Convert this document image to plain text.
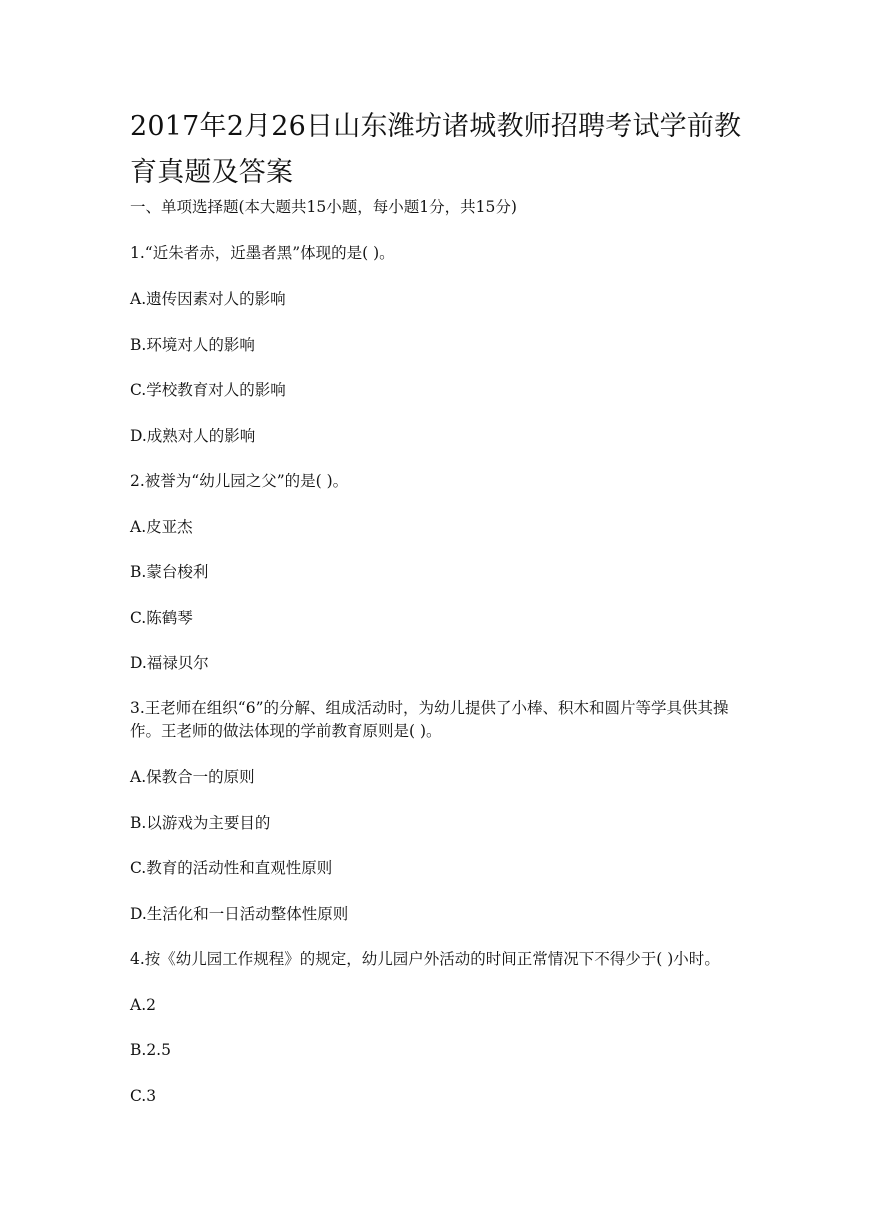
2017年2月26日山东潍坊诸城教师招聘考试学前教育真题及答案

一、单项选择题(本大题共15小题，每小题1分，共15分)

1.“近朱者赤，近墨者黑”体现的是( )。

A.遗传因素对人的影响

B.环境对人的影响

C.学校教育对人的影响

D.成熟对人的影响

2.被誉为“幼儿园之父”的是( )。

A.皮亚杰

B.蒙台梭利

C.陈鹤琴

D.福禄贝尔

3.王老师在组织“6”的分解、组成活动时，为幼儿提供了小棒、积木和圆片等学具供其操作。王老师的做法体现的学前教育原则是( )。

A.保教合一的原则

B.以游戏为主要目的

C.教育的活动性和直观性原则

D.生活化和一日活动整体性原则

4.按《幼儿园工作规程》的规定，幼儿园户外活动的时间正常情况下不得少于( )小时。

A.2

B.2.5

C.3
